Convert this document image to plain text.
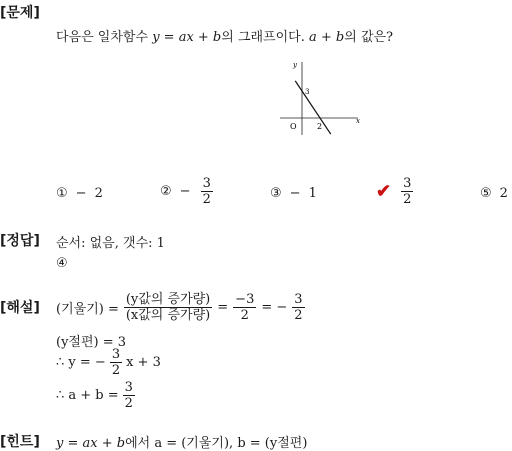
[문제]
[정답]
[해설]
[힌트]
다음은 일차함수 y = ax + b의 그래프이다. a + b의 값은?
y
x
O
3
2
① − 2	② − $\frac{3}{2}$	③ − 1	✔ $\frac{3}{2}$	⑤ 2
순서: 없음, 갯수: 1
④
(기울기) = $\frac{\text{(y값의 증가량)}}{\text{(x값의 증가량)}} = \frac{-3}{2}$ = − $\frac{3}{2}$
(y절편) = 3
∴ y = − $\frac{3}{2}$ x + 3
∴ $a + b = \frac{3}{2}$
y = ax + b에서 a = (기울기), b = (y절편)
